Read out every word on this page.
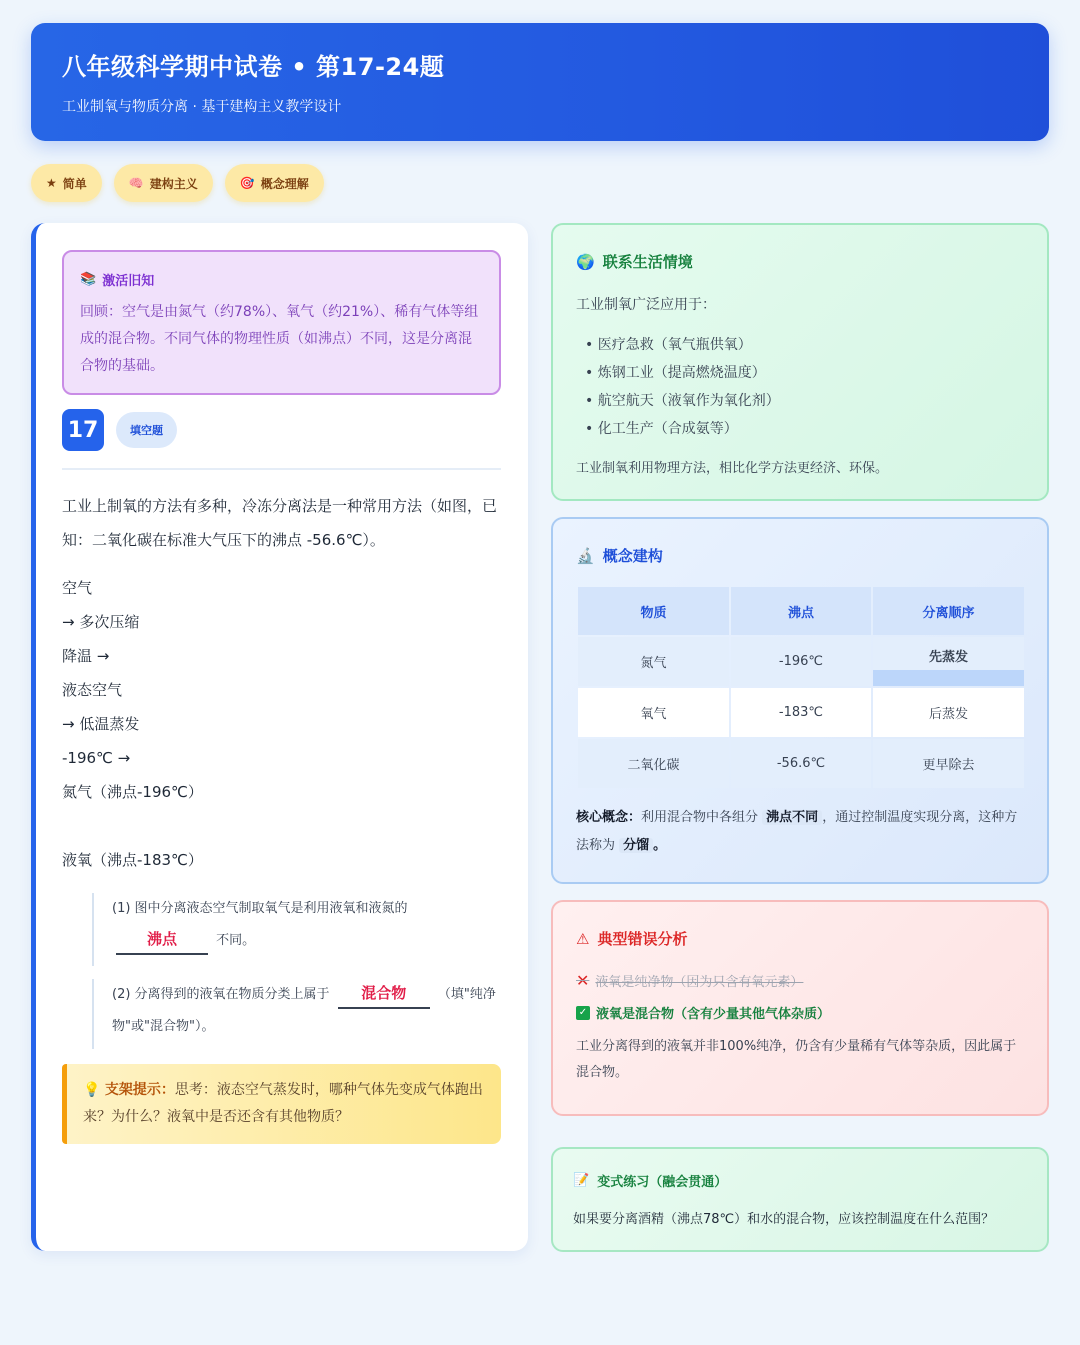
八年级科学期中试卷 • 第17-24题
工业制氧与物质分离 · 基于建构主义教学设计
★ 简单	🧠 建构主义	🎯 概念理解
📚 激活旧知
回顾：空气是由氮气（约78%）、氧气（约21%）、稀有气体等组成的混合物。不同气体的物理性质（如沸点）不同，这是分离混合物的基础。
17	填空题
工业上制氧的方法有多种，冷冻分离法是一种常用方法（如图，已知：二氧化碳在标准大气压下的沸点 -56.6℃）。
空气
→ 多次压缩
降温 →
液态空气
→ 低温蒸发
-196℃ →
氮气（沸点-196℃）
液氧（沸点-183℃）
(1) 图中分离液态空气制取氧气是利用液氧和液氮的
沸点	不同。
(2) 分离得到的液氧在物质分类上属于 混合物 （填"纯净物"或"混合物"）。
💡 支架提示：思考：液态空气蒸发时，哪种气体先变成气体跑出来？为什么？液氧中是否还含有其他物质？
🌍 联系生活情境
工业制氧广泛应用于：
• 医疗急救（氧气瓶供氧）
• 炼钢工业（提高燃烧温度）
• 航空航天（液氧作为氧化剂）
• 化工生产（合成氨等）
工业制氧利用物理方法，相比化学方法更经济、环保。
🔬 概念建构
物质	沸点	分离顺序
氮气	-196℃	先蒸发
氧气	-183℃	后蒸发
二氧化碳	-56.6℃	更早除去
核心概念：利用混合物中各组分 沸点不同 ，通过控制温度实现分离，这种方法称为 分馏 。
⚠ 典型错误分析
✕ 液氧是纯净物（因为只含有氧元素）
✓ 液氧是混合物（含有少量其他气体杂质）
工业分离得到的液氧并非100%纯净，仍含有少量稀有气体等杂质，因此属于混合物。
📝 变式练习（融会贯通）
如果要分离酒精（沸点78℃）和水的混合物，应该控制温度在什么范围？
